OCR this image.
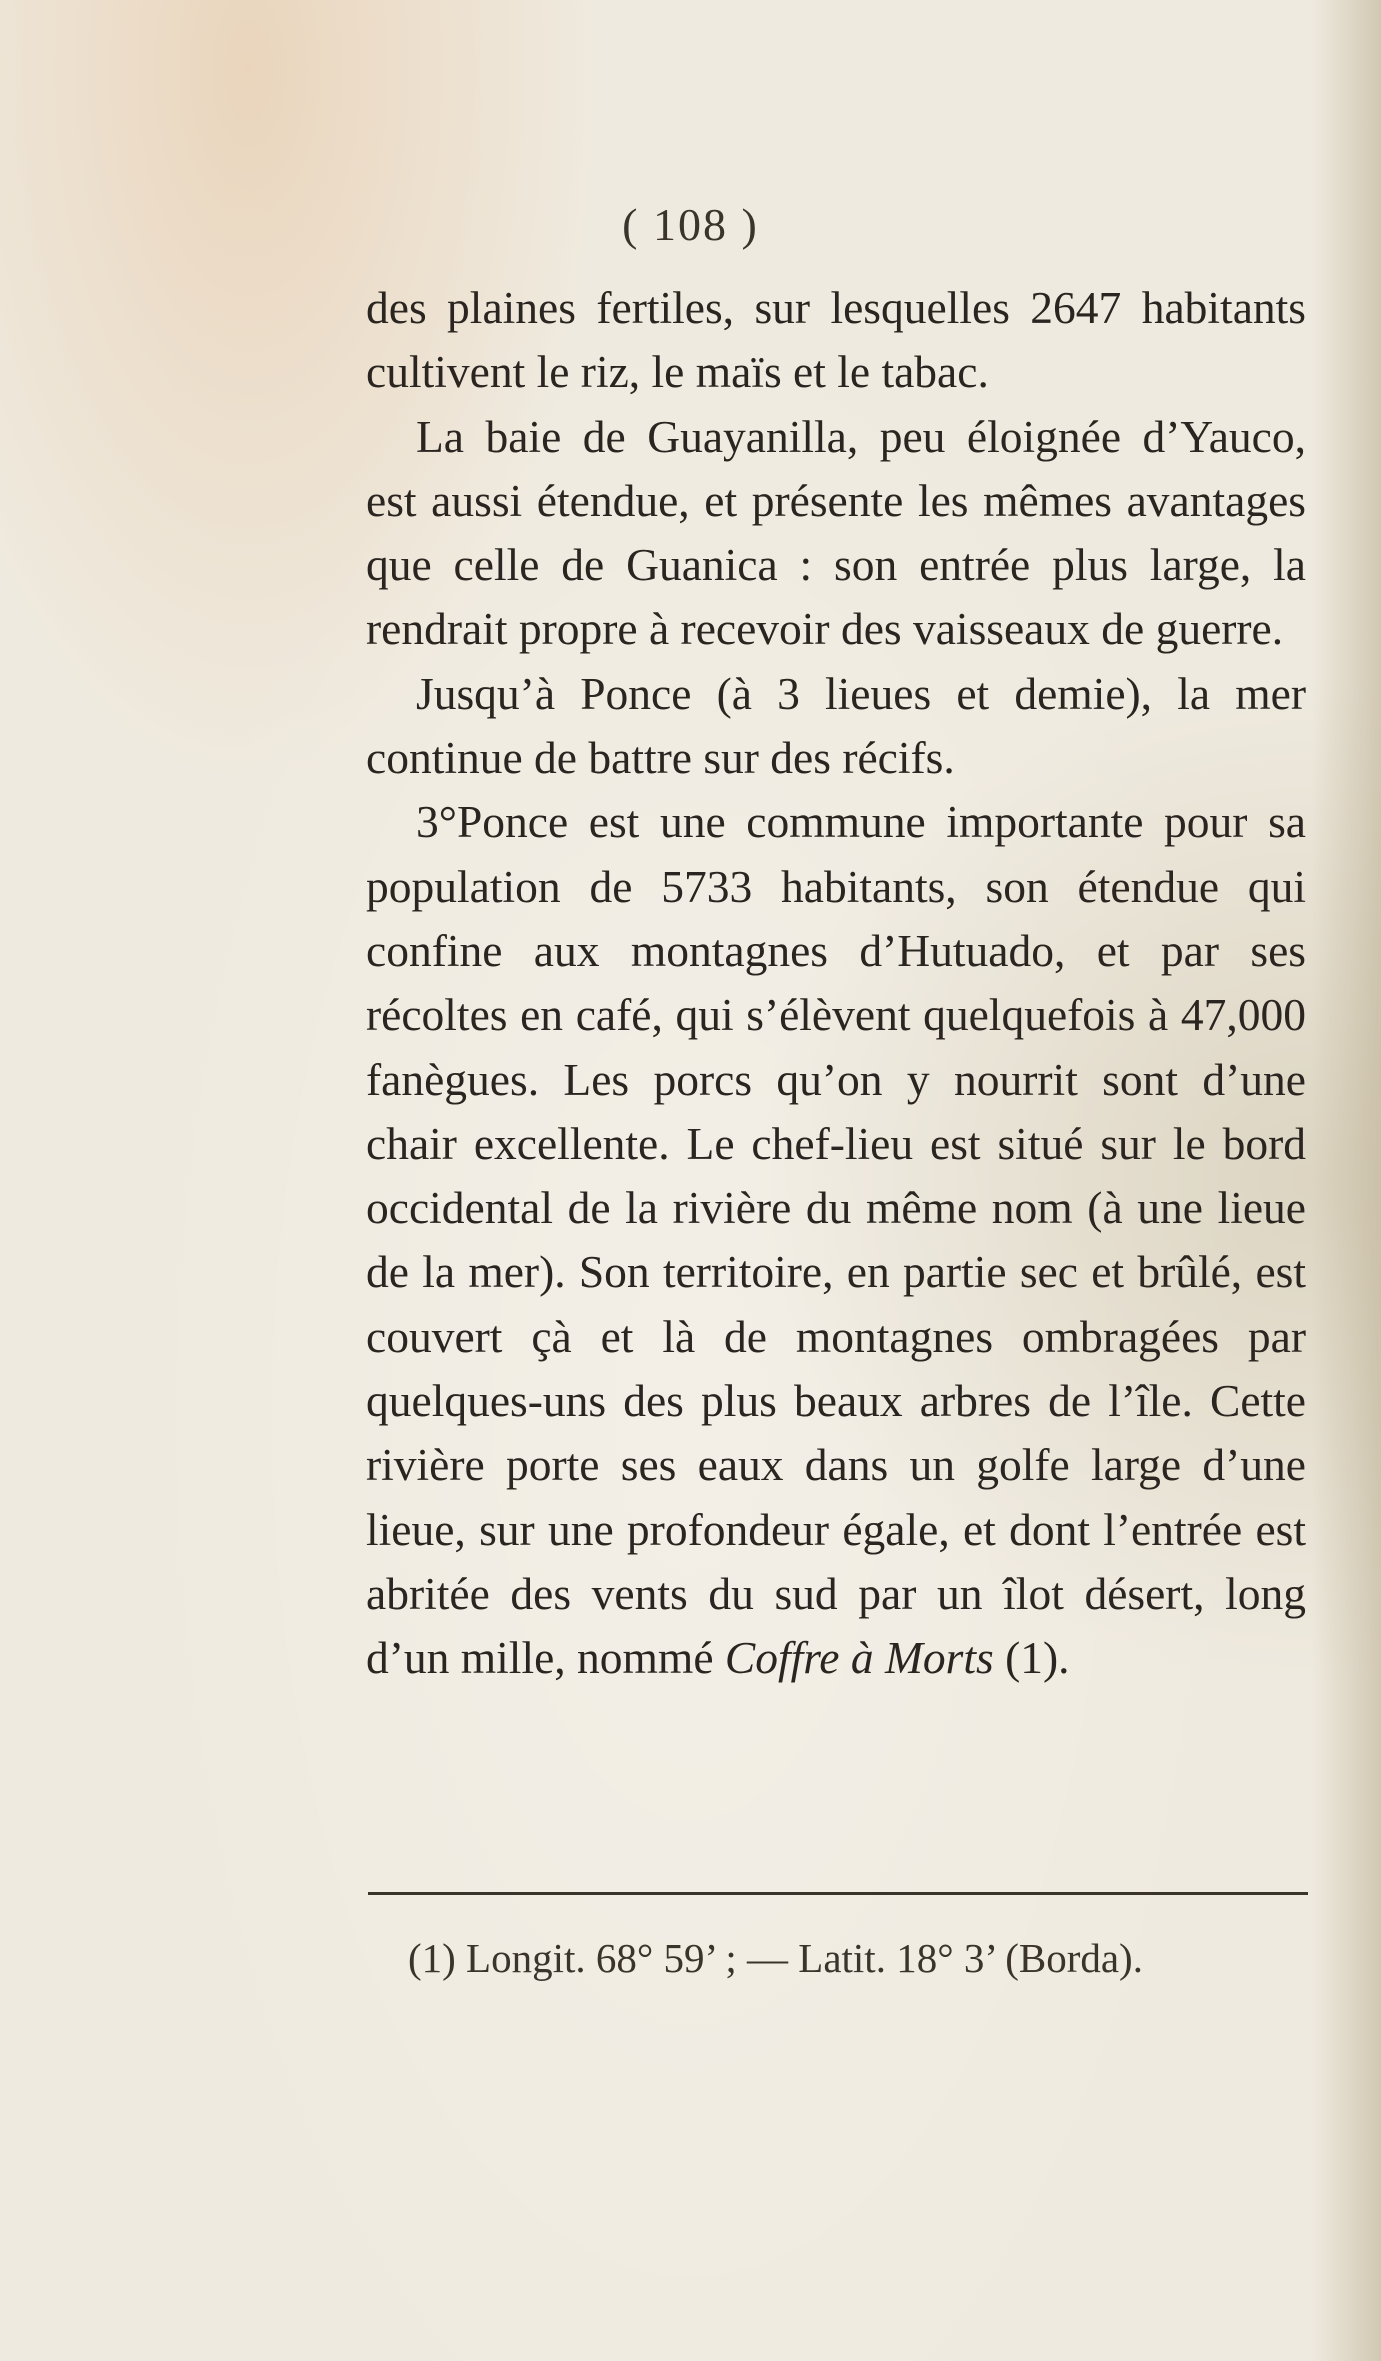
( 108 )

des plaines fertiles, sur lesquelles 2647 habitants cultivent le riz, le maïs et le tabac.

La baie de Guayanilla, peu éloignée d’Yauco, est aussi étendue, et présente les mêmes avantages que celle de Guanica : son entrée plus large, la rendrait propre à recevoir des vaisseaux de guerre.

Jusqu’à Ponce (à 3 lieues et demie), la mer continue de battre sur des récifs.

3°Ponce est une commune importante pour sa population de 5733 habitants, son étendue qui confine aux montagnes d’Hutuado, et par ses récoltes en café, qui s’élèvent quelquefois à 47,000 fanègues. Les porcs qu’on y nourrit sont d’une chair excellente. Le chef-lieu est situé sur le bord occidental de la rivière du même nom (à une lieue de la mer). Son territoire, en partie sec et brûlé, est couvert çà et là de montagnes ombragées par quelques-uns des plus beaux arbres de l’île. Cette rivière porte ses eaux dans un golfe large d’une lieue, sur une profondeur égale, et dont l’entrée est abritée des vents du sud par un îlot désert, long d’un mille, nommé Coffre à Morts (1).

(1) Longit. 68° 59’ ; — Latit. 18° 3’ (Borda).
